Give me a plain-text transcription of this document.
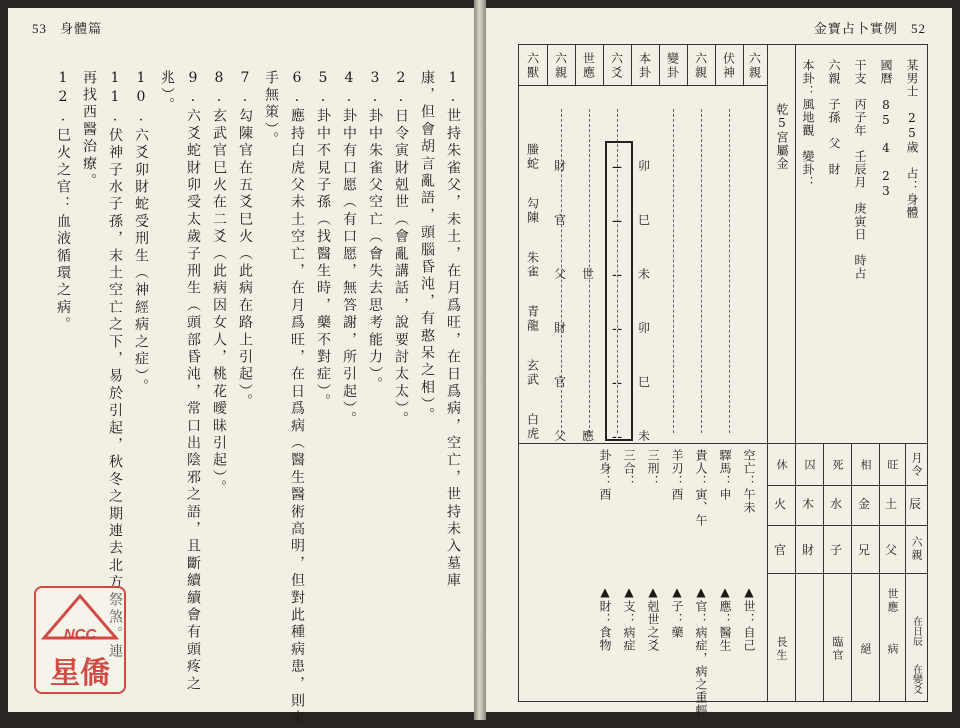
53 身體篇
1.世持朱雀父，未土，在月爲旺，在日爲病，空亡，世持未入墓庫
康，但會胡言亂語，頭腦昏沌，有憨呆之相）。
2.日令寅財剋世（會亂講話，說要討太太）。
3.卦中朱雀父空亡（會失去思考能力）。
4.卦中有口愿（有口愿，無答謝，所引起）。
5.卦中不見子孫（找醫生時，藥不對症）。
6.應持白虎父未土空亡，在月爲旺，在日爲病（醫生醫術高明，但對此種病患，則束
手無策）。
7.勾陳官在五爻巳火（此病在路上引起）。
8.玄武官巳火在二爻（此病因女人，桃花曖昧引起）。
9.六爻蛇財卯受太歲子刑生（頭部昏沌，常口出陰邪之語，且斷續續會有頭疼之
兆）。
10.六爻卯財蛇受刑生（神經病之症）。
11.伏神子水子孫，末土空亡之下，易於引起，秋冬之期連去北方祭煞。連
再找西醫治療。
12.巳火之官：血液循環之病。
NCC
星僑
金寶占卜實例 52
六獸 六親 世應 六爻 本卦 變卦 六親 伏神 六親
螣蛇
勾陳
朱雀
青龍
玄武
白虎
財
官
父
財
官
父
世
應
⚊
⚊
⚋
⚋
⚋
⚋
卯
巳
未
卯
巳
未
某男士　25歲　占：身體
國曆　85　4　23
干支　丙子年　壬辰月　庚寅日　時占
六親　子孫　父　財
本卦：風地觀　變卦：
乾5宮屬金
休 囚 死 相 旺 月令
火 木 水 金 土 辰
官 財 子 兄 父 六親
世應
病
絕
臨官
長生
在日辰
在變爻
空亡：午未
驛馬：申
貴人：寅、午
羊刃：酉
三刑：
三合：
卦身：酉
▲世：自己
▲應：醫生
▲官：病症，病之重輕
▲子：藥
▲剋世之爻
▲支：病症
▲財：食物
